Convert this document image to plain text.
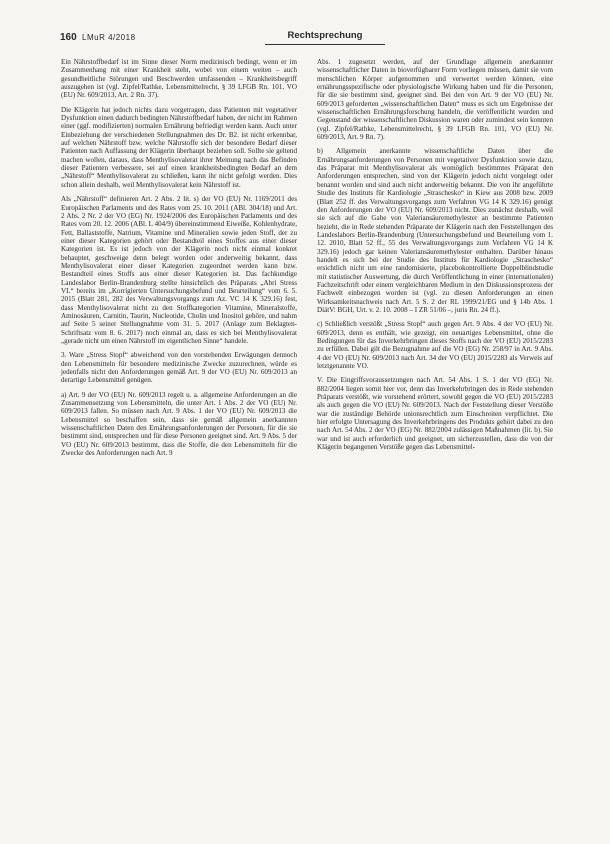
160 LMuR 4/2018	Rechtsprechung

Ein Nährstoffbedarf ist im Sinne dieser Norm medizinisch bedingt, wenn er im Zusammenhang mit einer Krankheit steht, wobei von einem weiten – auch gesundheitliche Störungen und Beschwerden umfassenden – Krankheitsbegriff auszugehen ist (vgl. Zipfel/Rathke, Lebensmittelrecht, § 39 LFGB Rn. 101, VO (EU) Nr. 609/2013, Art. 2 Rn. 37).

Die Klägerin hat jedoch nichts dazu vorgetragen, dass Patienten mit vegetativer Dysfunktion einen dadurch bedingten Nährstoffbedarf haben, der nicht im Rahmen einer (ggf. modifizierten) normalen Ernährung befriedigt werden kann. Auch unter Einbeziehung der verschiedenen Stellungnahmen des Dr. B2. ist nicht erkennbar, auf welchen Nährstoff bzw. welche Nährstoffe sich der besondere Bedarf dieser Patienten nach Auffassung der Klägerin überhaupt beziehen soll. Sollte sie geltend machen wollen, daraus, dass Menthylisovalerat ihrer Meinung nach das Befinden dieser Patienten verbessere, sei auf einen krankheitsbedingten Bedarf an dem „Nährstoff“ Menthylisovalerat zu schließen, kann ihr nicht gefolgt werden. Dies schon allein deshalb, weil Menthylisovalerat kein Nährstoff ist.

Als „Nährstoff“ definieren Art. 2 Abs. 2 lit. s) der VO (EU) Nr. 1169/2011 des Europäischen Parlaments und des Rates vom 25. 10. 2011 (ABl. 304/18) und Art. 2 Abs. 2 Nr. 2 der VO (EG) Nr. 1924/2006 des Europäischen Parlaments und des Rates vom 20. 12. 2006 (ABl. L 404/9) übereinstimmend Eiweiße, Kohlenhydrate, Fett, Ballaststoffe, Natrium, Vitamine und Mineralien sowie jeden Stoff, der zu einer dieser Kategorien gehört oder Bestandteil eines Stoffes aus einer dieser Kategorien ist. Es ist jedoch von der Klägerin noch nicht einmal konkret behauptet, geschweige denn belegt worden oder anderweitig bekannt, dass Menthylisovalerat einer dieser Kategorien zugeordnet werden kann bzw. Bestandteil eines Stoffs aus einer dieser Kategorien ist. Das fachkundige Landeslabor Berlin-Brandenburg stellte hinsichtlich des Präparats „Abri Stress VL“ bereits im „Korrigierten Untersuchungsbefund und Beurteilung“ vom 6. 5. 2015 (Blatt 281, 282 des Verwaltungsvorgangs zum Az. VC 14 K 329.16) fest, dass Menthylisovalerat nicht zu den Stoffkategorien Vitamine, Mineralstoffe, Aminosäuren, Carnitin, Taurin, Nucleotide, Cholin und Inositol gehöre, und nahm auf Seite 5 seiner Stellungnahme vom 31. 5. 2017 (Anlage zum Beklagten-Schriftsatz vom 8. 6. 2017) noch einmal an, dass es sich bei Menthylisovalerat „gerade nicht um einen Nährstoff im eigentlichen Sinne“ handele.

3. Ware „Stress Stopf“ abweichend von den vorstehenden Erwägungen dennoch den Lebensmitteln für besondere medizinische Zwecke zuzurechnen, würde es jedenfalls nicht den Anforderungen gemäß Art. 9 der VO (EU) Nr. 609/2013 an derartige Lebensmittel genügen.

a) Art. 9 der VO (EU) Nr. 609/2013 regelt u. a. allgemeine Anforderungen an die Zusammensetzung von Lebensmitteln, die unter Art. 1 Abs. 2 der VO (EU) Nr. 609/2013 fallen. So müssen nach Art. 9 Abs. 1 der VO (EU) Nr. 609/2013 die Lebensmittel so beschaffen sein, dass sie gemäß allgemein anerkannten wissenschaftlichen Daten den Ernährungsanforderungen der Personen, für die sie bestimmt sind, entsprechen und für diese Personen geeignet sind. Art. 9 Abs. 5 der VO (EU) Nr. 609/2013 bestimmt, dass die Stoffe, die den Lebensmitteln für die Zwecke des Anforderungen nach Art. 9

Abs. 1 zugesetzt werden, auf der Grundlage allgemein anerkannter wissenschaftlicher Daten in bioverfügbarer Form vorliegen müssen, damit sie vom menschlichen Körper aufgenommen und verwertet werden können, eine ernährungsspezifische oder physiologische Wirkung haben und für die Personen, für die sie bestimmt sind, geeignet sind. Bei den von Art. 9 der VO (EU) Nr. 609/2013 geforderten „wissenschaftlichen Daten“ muss es sich um Ergebnisse der wissenschaftlichen Ernährungsforschung handeln, die veröffentlicht wurden und Gegenstand der wissenschaftlichen Diskussion waren oder zumindest sein konnten (vgl. Zipfel/Rathke, Lebensmittelrecht, § 39 LFGB Rn. 101, VO (EU) Nr. 609/2013, Art. 9 Rn. 7).

b) Allgemein anerkannte wissenschaftliche Daten über die Ernährungsanforderungen von Personen mit vegetativer Dysfunktion sowie dazu, das Präparat mit Menthylisovalerat als womöglich bestimmtes Präparat den Anforderungen entsprechen, sind von der Klägerin jedoch nicht vorgelegt oder benannt worden und sind auch nicht anderweitig bekannt. Die von ihr angeführte Studie des Instituts für Kardiologie „Straschesko“ in Kiew aus 2008 bzw. 2009 (Blatt 252 ff. des Verwaltungsvorgangs zum Verfahren VG 14 K 329.16) genügt den Anforderungen der VO (EU) Nr. 609/2013 nicht. Dies zunächst deshalb, weil sie sich auf die Gabe von Valeriansäuremethylester an bestimmte Patienten bezieht, die in Rede stehenden Präparate der Klägerin nach den Feststellungen des Landeslabors Berlin-Brandenburg (Untersuchungsbefund und Beurteilung vom 1. 12. 2010, Blatt 52 ff., 55 des Verwaltungsvorgangs zum Verfahren VG 14 K 329.16) jedoch gar keinen Valeriansäuremethylester enthalten. Darüber hinaus handelt es sich bei der Studie des Instituts für Kardiologie „Straschesko“ ersichtlich nicht um eine randomisierte, placebokontrollierte Doppelblindstudie mit statistischer Auswertung, die durch Veröffentlichung in einer (internationalen) Fachzeitschrift oder einem vergleichbaren Medium in den Diskussionsprozess der Fachwelt einbezogen worden ist (vgl. zu diesen Anforderungen an einen Wirksamkeitsnachweis nach Art. 5 S. 2 der RL 1999/21/EG und § 14b Abs. 1 DiätV: BGH, Urt. v. 2. 10. 2008 – I ZR 51/06 –, juris Rn. 24 ff.).

c) Schließlich verstößt „Stress Stopf“ auch gegen Art. 9 Abs. 4 der VO (EU) Nr. 609/2013, denn es enthält, wie gezeigt, ein neuartiges Lebensmittel, ohne die Bedingungen für das Inverkehrbringen dieses Stoffs nach der VO (EU) 2015/2283 zu erfüllen. Dabei gilt die Bezugnahme auf die VO (EG) Nr. 258/97 in Art. 9 Abs. 4 der VO (EU) Nr. 609/2013 nach Art. 34 der VO (EU) 2015/2283 als Verweis auf letztgenannte VO.

V. Die Eingriffsvoraussetzungen nach Art. 54 Abs. 1 S. 1 der VO (EG) Nr. 882/2004 liegen somit hier vor, denn das Inverkehrbringen des in Rede stehenden Präparats verstößt, wie vorstehend erörtert, sowohl gegen die VO (EU) 2015/2283 als auch gegen die VO (EU) Nr. 609/2013. Nach der Feststellung dieser Verstöße war die zuständige Behörde unionsrechtlich zum Einschreiten verpflichtet. Die hier erfolgte Untersagung des Inverkehrbringens des Produkts gehört dabei zu den nach Art. 54 Abs. 2 der VO (EG) Nr. 882/2004 zulässigen Maßnahmen (lit. b). Sie war und ist auch erforderlich und geeignet, um sicherzustellen, dass die von der Klägerin begangenen Verstöße gegen das Lebensmittel-
